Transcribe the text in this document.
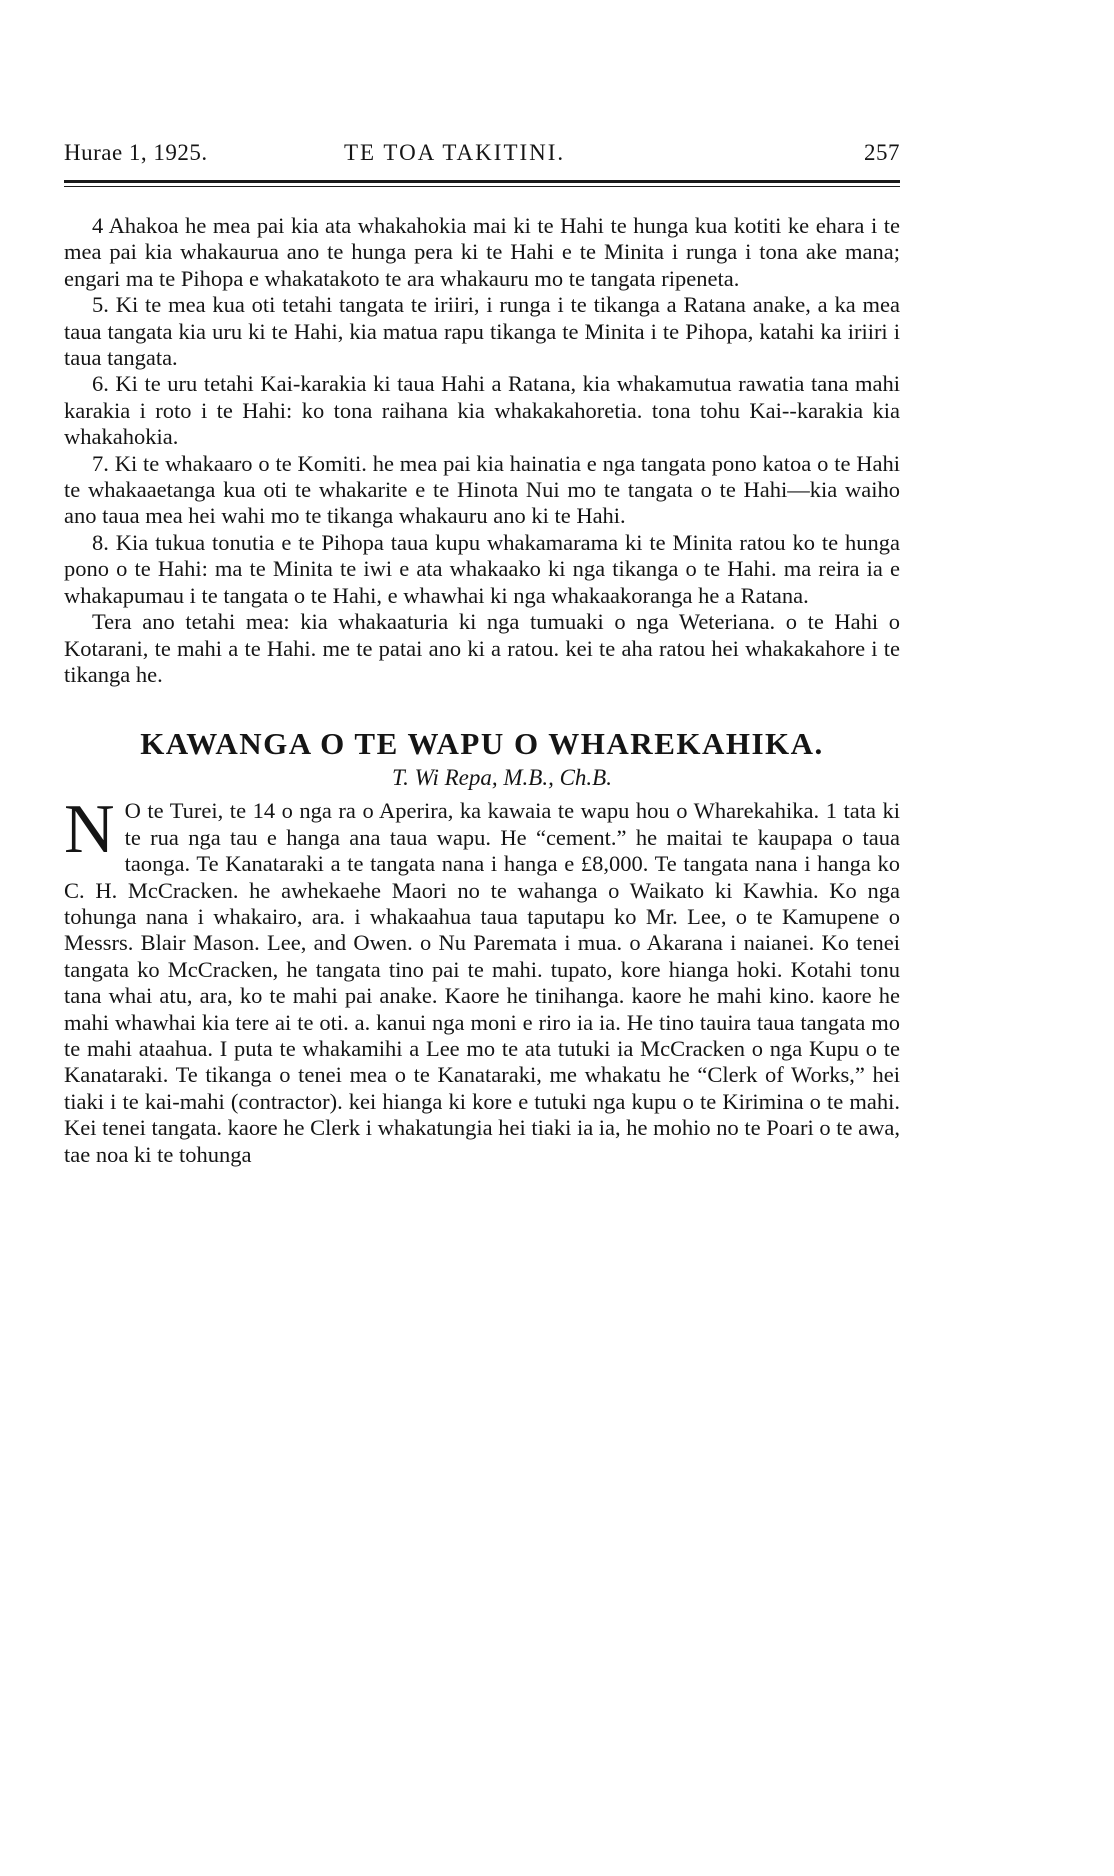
Hurae 1, 1925.	TE TOA TAKITINI.	257

4 Ahakoa he mea pai kia ata whakahokia mai ki te Hahi te hunga kua kotiti ke ehara i te mea pai kia whakaurua ano te hunga pera ki te Hahi e te Minita i runga i tona ake mana; engari ma te Pihopa e whakatakoto te ara whakauru mo te tangata ripeneta.

5. Ki te mea kua oti tetahi tangata te iriiri, i runga i te tikanga a Ratana anake, a ka mea taua tangata kia uru ki te Hahi, kia matua rapu tikanga te Minita i te Pihopa, katahi ka iriiri i taua tangata.

6. Ki te uru tetahi Kai-karakia ki taua Hahi a Ratana, kia whakamutua rawatia tana mahi karakia i roto i te Hahi: ko tona raihana kia whakakahoretia. tona tohu Kai--karakia kia whakahokia.

7. Ki te whakaaro o te Komiti. he mea pai kia hainatia e nga tangata pono katoa o te Hahi te whakaaetanga kua oti te whakarite e te Hinota Nui mo te tangata o te Hahi—kia waiho ano taua mea hei wahi mo te tikanga whakauru ano ki te Hahi.

8. Kia tukua tonutia e te Pihopa taua kupu whakamarama ki te Minita ratou ko te hunga pono o te Hahi: ma te Minita te iwi e ata whakaako ki nga tikanga o te Hahi. ma reira ia e whakapumau i te tangata o te Hahi, e whawhai ki nga whakaakoranga he a Ratana.

Tera ano tetahi mea: kia whakaaturia ki nga tumuaki o nga Weteriana. o te Hahi o Kotarani, te mahi a te Hahi. me te patai ano ki a ratou. kei te aha ratou hei whakakahore i te tikanga he.

KAWANGA O TE WAPU O WHAREKAHIKA.
T. Wi Repa, M.B., Ch.B.
N O te Turei, te 14 o nga ra o Aperira, ka kawaia te wapu hou o Wharekahika. 1 tata ki te rua nga tau e hanga ana taua wapu. He “cement.” he maitai te kaupapa o taua taonga. Te Kanataraki a te tangata nana i hanga e £8,000. Te tangata nana i hanga ko C. H. McCracken. he awhekaehe Maori no te wahanga o Waikato ki Kawhia. Ko nga tohunga nana i whakairo, ara. i whakaahua taua taputapu ko Mr. Lee, o te Kamupene o Messrs. Blair Mason. Lee, and Owen. o Nu Paremata i mua. o Akarana i naianei. Ko tenei tangata ko McCracken, he tangata tino pai te mahi. tupato, kore hianga hoki. Kotahi tonu tana whai atu, ara, ko te mahi pai anake. Kaore he tinihanga. kaore he mahi kino. kaore he mahi whawhai kia tere ai te oti. a. kanui nga moni e riro ia ia. He tino tauira taua tangata mo te mahi ataahua. I puta te whakamihi a Lee mo te ata tutuki ia McCracken o nga Kupu o te Kanataraki. Te tikanga o tenei mea o te Kanataraki, me whakatu he “Clerk of Works,” hei tiaki i te kai-mahi (contractor). kei hianga ki kore e tutuki nga kupu o te Kirimina o te mahi. Kei tenei tangata. kaore he Clerk i whakatungia hei tiaki ia ia, he mohio no te Poari o te awa, tae noa ki te tohunga
